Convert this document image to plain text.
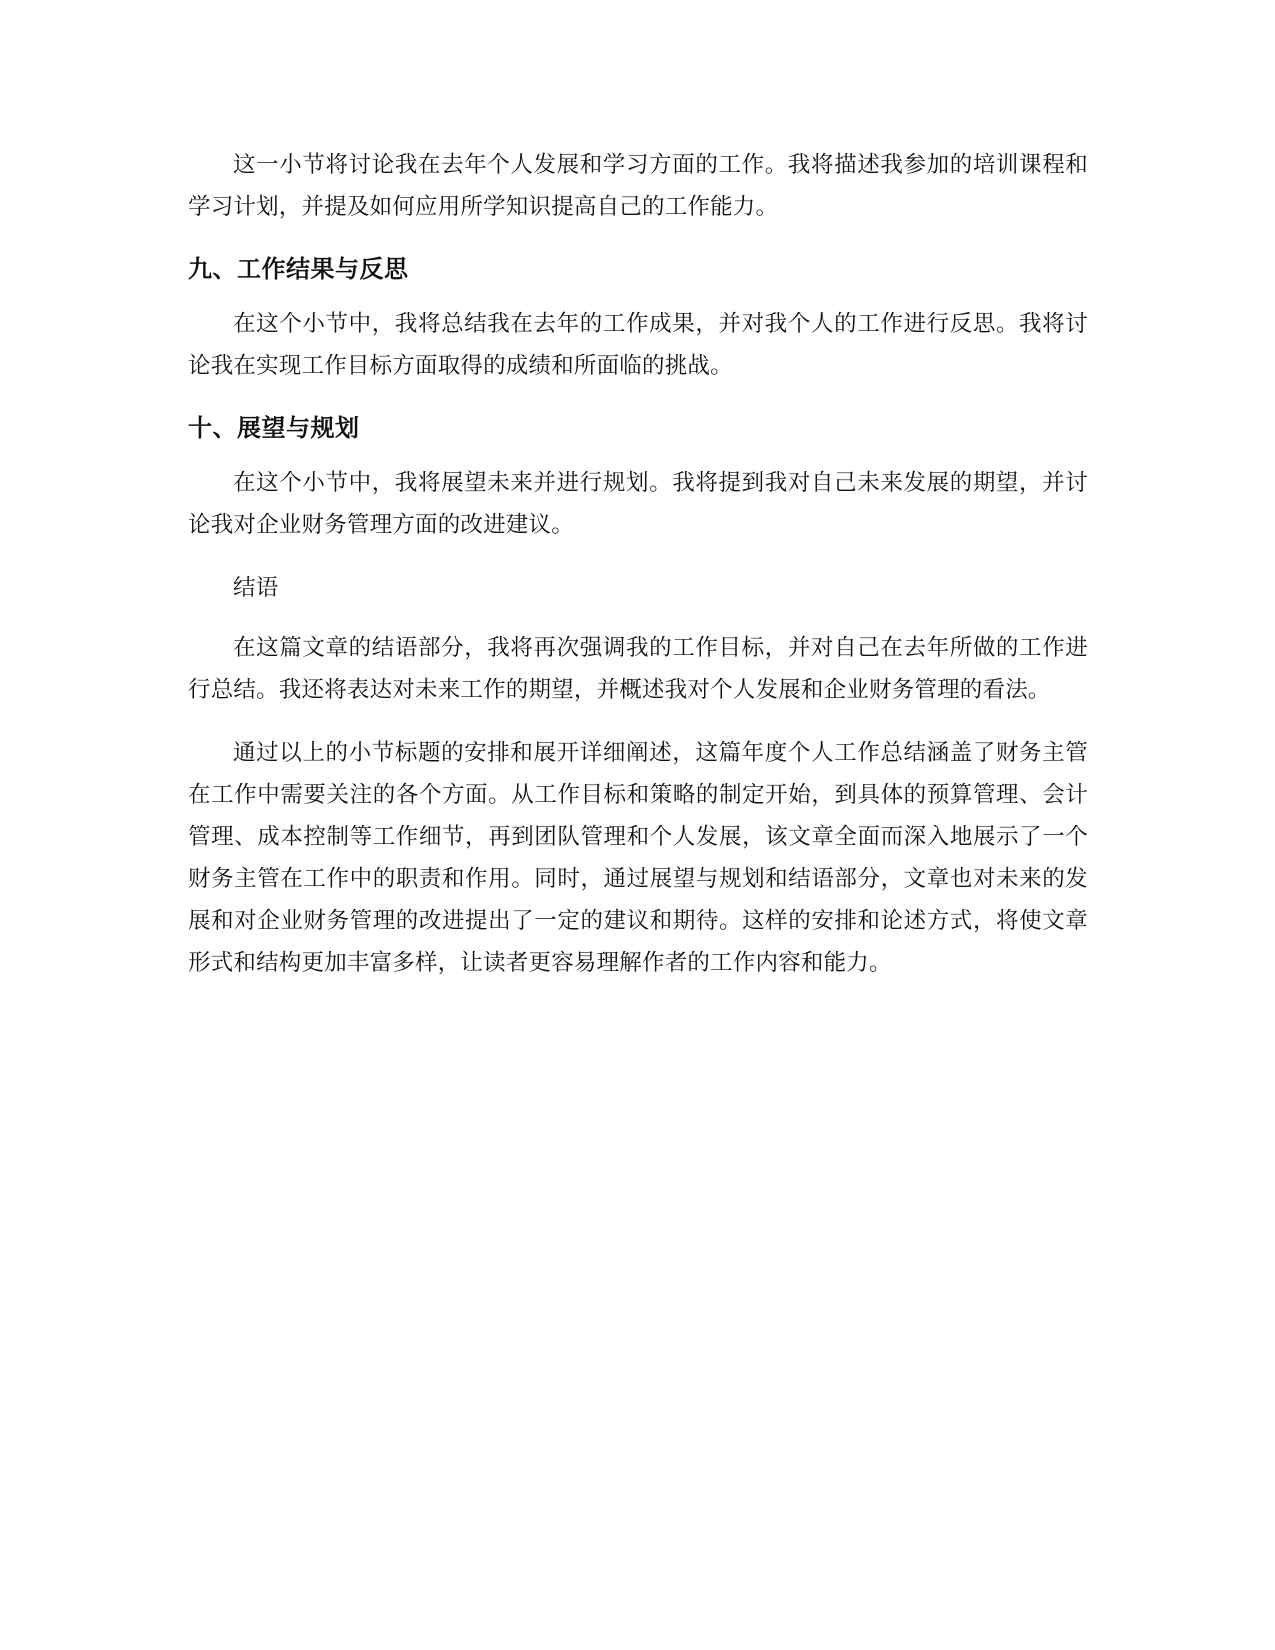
这一小节将讨论我在去年个人发展和学习方面的工作。我将描述我参加的培训课程和学习计划，并提及如何应用所学知识提高自己的工作能力。

九、工作结果与反思

在这个小节中，我将总结我在去年的工作成果，并对我个人的工作进行反思。我将讨论我在实现工作目标方面取得的成绩和所面临的挑战。

十、展望与规划

在这个小节中，我将展望未来并进行规划。我将提到我对自己未来发展的期望，并讨论我对企业财务管理方面的改进建议。

结语

在这篇文章的结语部分，我将再次强调我的工作目标，并对自己在去年所做的工作进行总结。我还将表达对未来工作的期望，并概述我对个人发展和企业财务管理的看法。

通过以上的小节标题的安排和展开详细阐述，这篇年度个人工作总结涵盖了财务主管在工作中需要关注的各个方面。从工作目标和策略的制定开始，到具体的预算管理、会计管理、成本控制等工作细节，再到团队管理和个人发展，该文章全面而深入地展示了一个财务主管在工作中的职责和作用。同时，通过展望与规划和结语部分，文章也对未来的发展和对企业财务管理的改进提出了一定的建议和期待。这样的安排和论述方式，将使文章形式和结构更加丰富多样，让读者更容易理解作者的工作内容和能力。
